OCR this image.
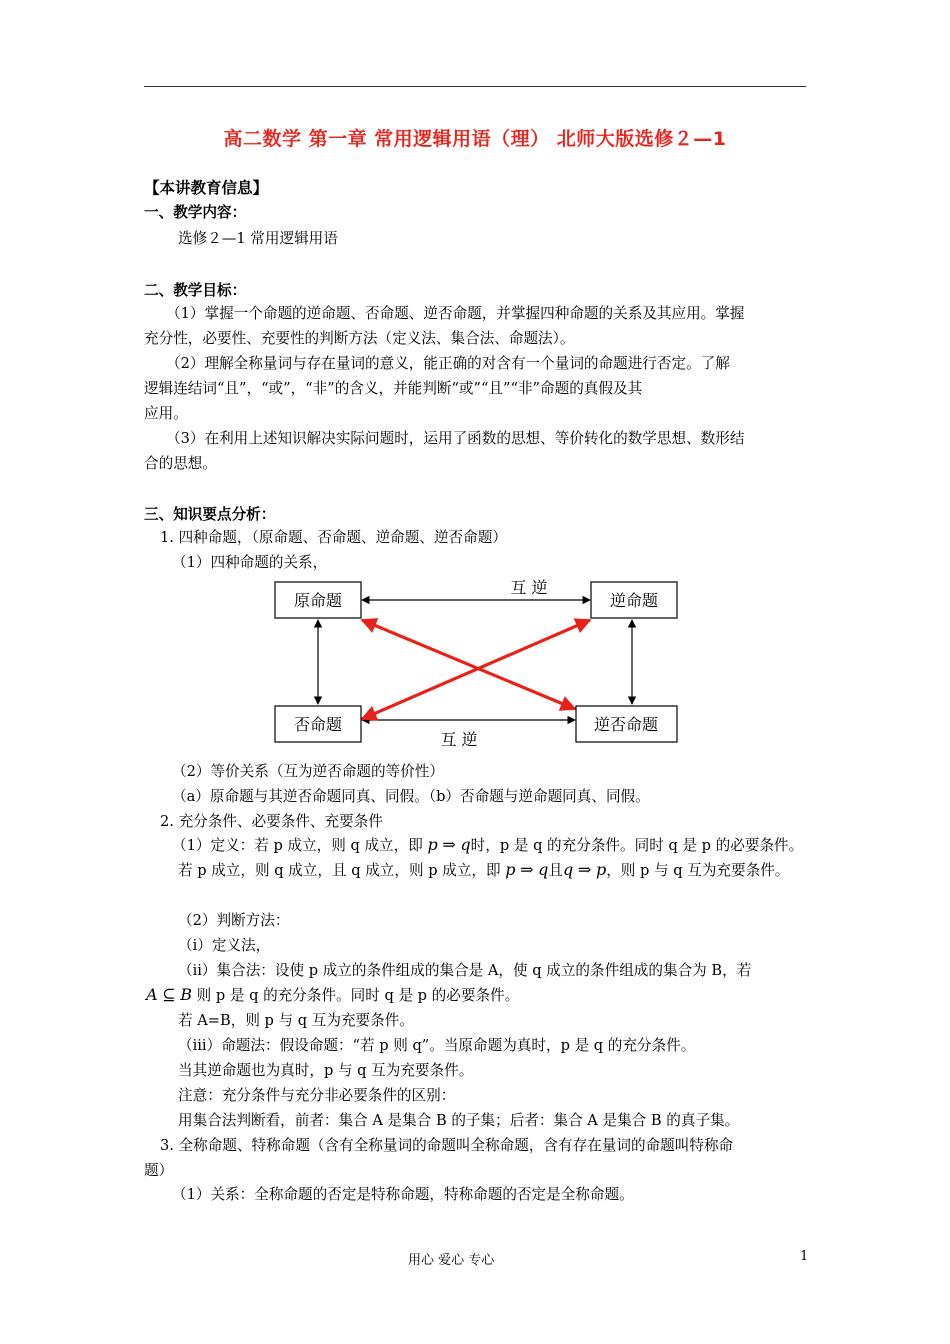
高二数学 第一章 常用逻辑用语（理） 北师大版选修２—1
【本讲教育信息】
一、教学内容：
选修２—1 常用逻辑用语
二、教学目标：
（1）掌握一个命题的逆命题、否命题、逆否命题，并掌握四种命题的关系及其应用。掌握
充分性，必要性、充要性的判断方法（定义法、集合法、命题法）。
（2）理解全称量词与存在量词的意义，能正确的对含有一个量词的命题进行否定。了解
逻辑连结词“且”，“或”，“非”的含义，并能判断“或”“且”“非”命题的真假及其
应用。
（3）在利用上述知识解决实际问题时，运用了函数的思想、等价转化的数学思想、数形结
合的思想。
三、知识要点分析：
1. 四种命题，（原命题、否命题、逆命题、逆否命题）
（1）四种命题的关系，
原命题	逆命题
否命题	逆否命题
互 逆
互 逆
（2）等价关系（互为逆否命题的等价性）
（a）原命题与其逆否命题同真、同假。（b）否命题与逆命题同真、同假。
2. 充分条件、必要条件、充要条件
（1）定义：若 p 成立，则 q 成立，即 p ⇒ q时，p 是 q 的充分条件。同时 q 是 p 的必要条件。
若 p 成立，则 q 成立，且 q 成立，则 p 成立，即 p ⇒ q且q ⇒ p，则 p 与 q 互为充要条件。
（2）判断方法：
（i）定义法，
（ii）集合法：设使 p 成立的条件组成的集合是 A，使 q 成立的条件组成的集合为 B，若
A ⊆ B 则 p 是 q 的充分条件。同时 q 是 p 的必要条件。
若 A=B，则 p 与 q 互为充要条件。
（iii）命题法：假设命题：“若 p 则 q”。当原命题为真时，p 是 q 的充分条件。
当其逆命题也为真时，p 与 q 互为充要条件。
注意：充分条件与充分非必要条件的区别：
用集合法判断看，前者：集合 A 是集合 B 的子集；后者：集合 A 是集合 B 的真子集。
3. 全称命题、特称命题（含有全称量词的命题叫全称命题，含有存在量词的命题叫特称命
题）
（1）关系：全称命题的否定是特称命题，特称命题的否定是全称命题。
用心 爱心 专心	1
